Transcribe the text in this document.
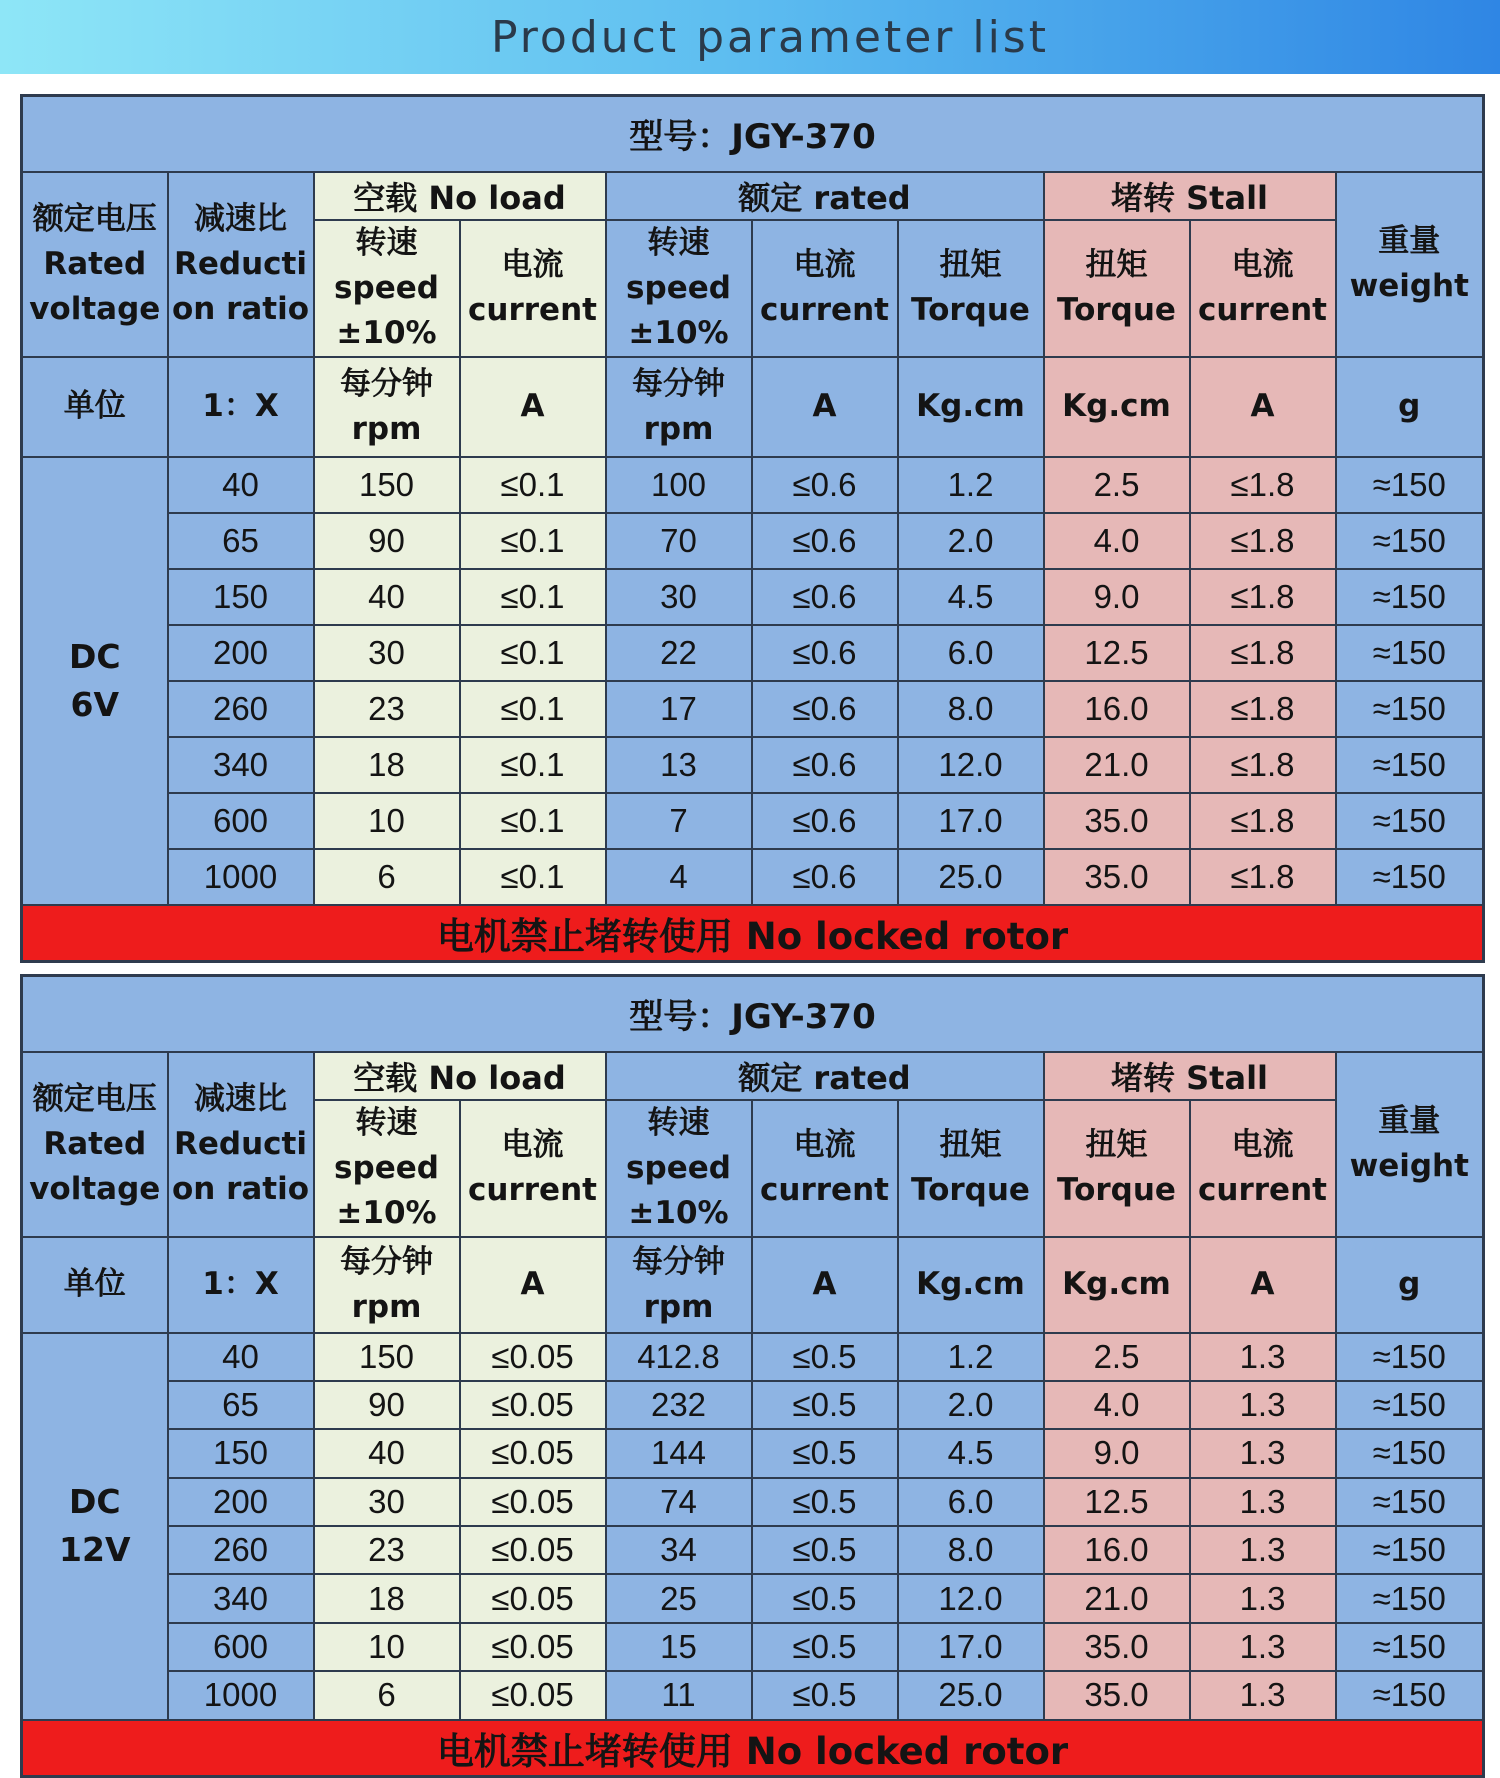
Product parameter list
型号：JGY-370									

额定电压
Rated
voltage	减速比
Reducti
on ratio	空载 No load		额定 rated			堵转 Stall		重量
weight

		转速
speed
±10%	电流
current	转速
speed
±10%	电流
current	扭矩
Torque	扭矩
Torque	电流
current	

单位	1：X	每分钟
rpm	A	每分钟
rpm	A	Kg.cm	Kg.cm	A	g

DC
6V	40	150	≤0.1	100	≤0.6	1.2	2.5	≤1.8	≈150
	65	90	≤0.1	70	≤0.6	2.0	4.0	≤1.8	≈150
	150	40	≤0.1	30	≤0.6	4.5	9.0	≤1.8	≈150
	200	30	≤0.1	22	≤0.6	6.0	12.5	≤1.8	≈150
	260	23	≤0.1	17	≤0.6	8.0	16.0	≤1.8	≈150
	340	18	≤0.1	13	≤0.6	12.0	21.0	≤1.8	≈150
	600	10	≤0.1	7	≤0.6	17.0	35.0	≤1.8	≈150
	1000	6	≤0.1	4	≤0.6	25.0	35.0	≤1.8	≈150
电机禁止堵转使用 No locked rotor									
型号：JGY-370									

额定电压
Rated
voltage	减速比
Reducti
on ratio	空载 No load		额定 rated			堵转 Stall		重量
weight

		转速
speed
±10%	电流
current	转速
speed
±10%	电流
current	扭矩
Torque	扭矩
Torque	电流
current	

单位	1：X	每分钟
rpm	A	每分钟
rpm	A	Kg.cm	Kg.cm	A	g

DC
12V	40	150	≤0.05	412.8	≤0.5	1.2	2.5	1.3	≈150
	65	90	≤0.05	232	≤0.5	2.0	4.0	1.3	≈150
	150	40	≤0.05	144	≤0.5	4.5	9.0	1.3	≈150
	200	30	≤0.05	74	≤0.5	6.0	12.5	1.3	≈150
	260	23	≤0.05	34	≤0.5	8.0	16.0	1.3	≈150
	340	18	≤0.05	25	≤0.5	12.0	21.0	1.3	≈150
	600	10	≤0.05	15	≤0.5	17.0	35.0	1.3	≈150
	1000	6	≤0.05	11	≤0.5	25.0	35.0	1.3	≈150
电机禁止堵转使用 No locked rotor									
